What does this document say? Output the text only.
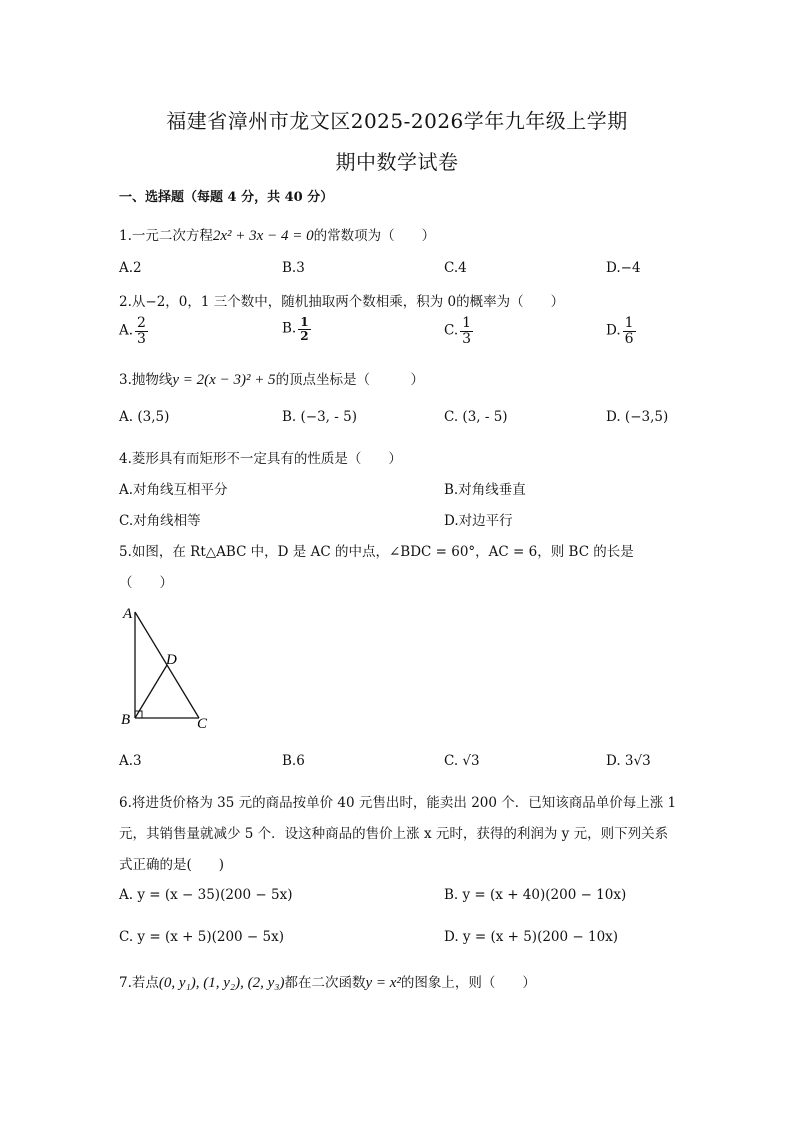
福建省漳州市龙文区2025-2026学年九年级上学期
期中数学试卷
一、选择题（每题 4 分，共 40 分）
1.一元二次方程2x² + 3x − 4 = 0的常数项为（　　）
A.2	B.3	C.4	D.−4
2.从−2，0，1 三个数中，随机抽取两个数相乘，积为 0的概率为（　　）
A. $\frac{2}{3}$	B. $\frac{1}{2}$	C. $\frac{1}{3}$	D. $\frac{1}{6}$
3.抛物线y = 2(x − 3)² + 5的顶点坐标是（　　　）
A. (3,5)	B. (−3, - 5)	C. (3, - 5)	D. (−3,5)
4.菱形具有而矩形不一定具有的性质是（　　）
A.对角线互相平分	B.对角线垂直
C.对角线相等	D.对边平行
5.如图，在 Rt△ABC 中，D 是 AC 的中点，∠BDC = 60°，AC = 6，则 BC 的长是
（　　）
A
D
B	C
A.3	B.6	C. √3	D. 3√3
6.将进货价格为 35 元的商品按单价 40 元售出时，能卖出 200 个．已知该商品单价每上涨 1
元，其销售量就减少 5 个．设这种商品的售价上涨 x 元时，获得的利润为 y 元，则下列关系
式正确的是(　　)
A. y = (x − 35)(200 − 5x)	B. y = (x + 40)(200 − 10x)
C. y = (x + 5)(200 − 5x)	D. y = (x + 5)(200 − 10x)
7.若点(0, y₁), (1, y₂), (2, y₃)都在二次函数y = x²的图象上，则（　　）
